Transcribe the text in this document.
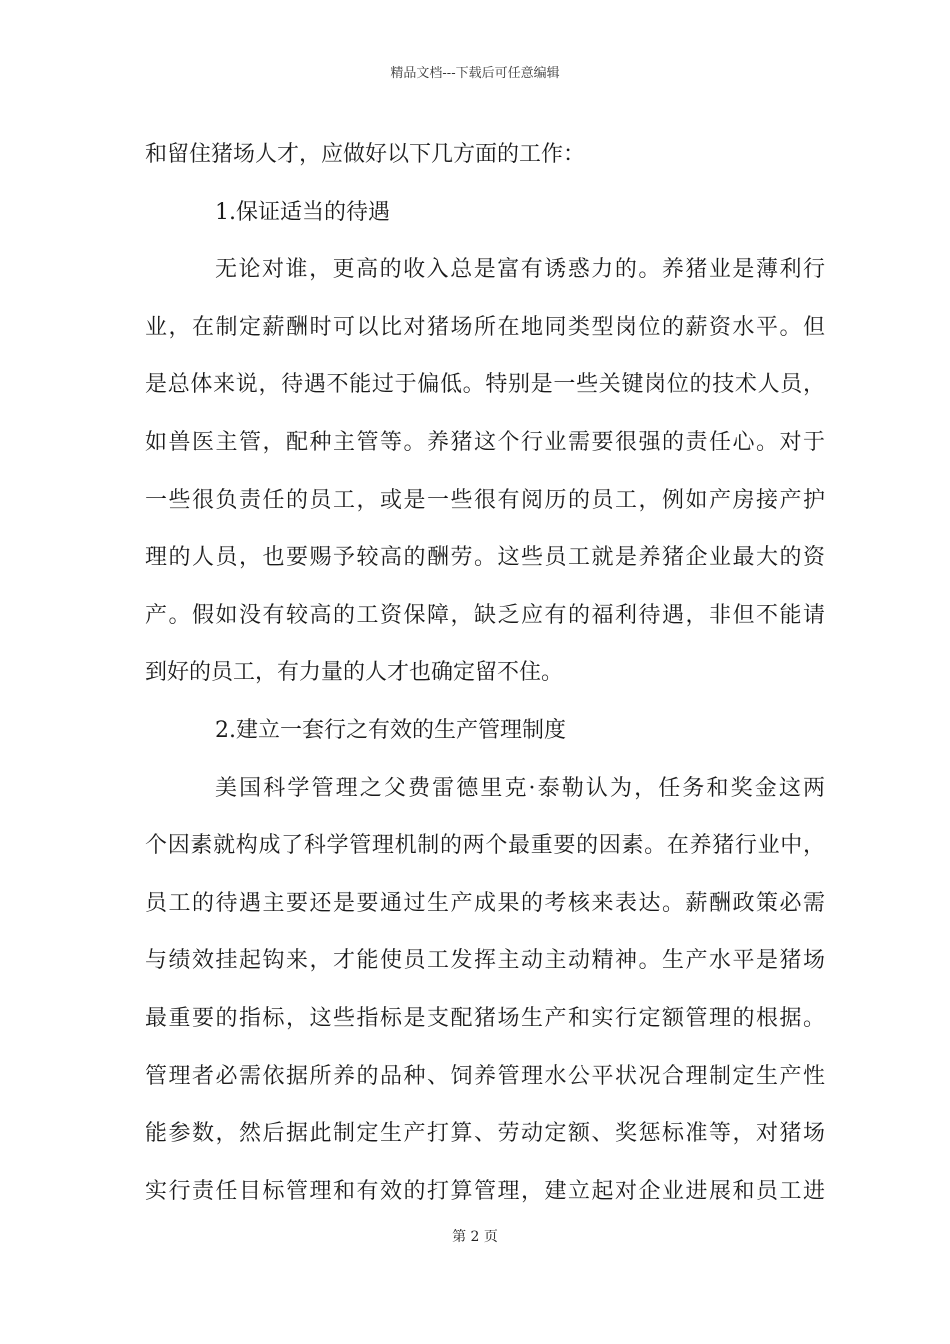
精品文档---下载后可任意编辑
和留住猪场人才，应做好以下几方面的工作：
1.保证适当的待遇
无论对谁，更高的收入总是富有诱惑力的。养猪业是薄利行
业，在制定薪酬时可以比对猪场所在地同类型岗位的薪资水平。但
是总体来说，待遇不能过于偏低。特别是一些关键岗位的技术人员，
如兽医主管，配种主管等。养猪这个行业需要很强的责任心。对于
一些很负责任的员工，或是一些很有阅历的员工，例如产房接产护
理的人员，也要赐予较高的酬劳。这些员工就是养猪企业最大的资
产。假如没有较高的工资保障，缺乏应有的福利待遇，非但不能请
到好的员工，有力量的人才也确定留不住。
2.建立一套行之有效的生产管理制度
美国科学管理之父费雷德里克·泰勒认为，任务和奖金这两
个因素就构成了科学管理机制的两个最重要的因素。在养猪行业中，
员工的待遇主要还是要通过生产成果的考核来表达。薪酬政策必需
与绩效挂起钩来，才能使员工发挥主动主动精神。生产水平是猪场
最重要的指标，这些指标是支配猪场生产和实行定额管理的根据。
管理者必需依据所养的品种、饲养管理水公平状况合理制定生产性
能参数，然后据此制定生产打算、劳动定额、奖惩标准等，对猪场
实行责任目标管理和有效的打算管理，建立起对企业进展和员工进
第 2 页
